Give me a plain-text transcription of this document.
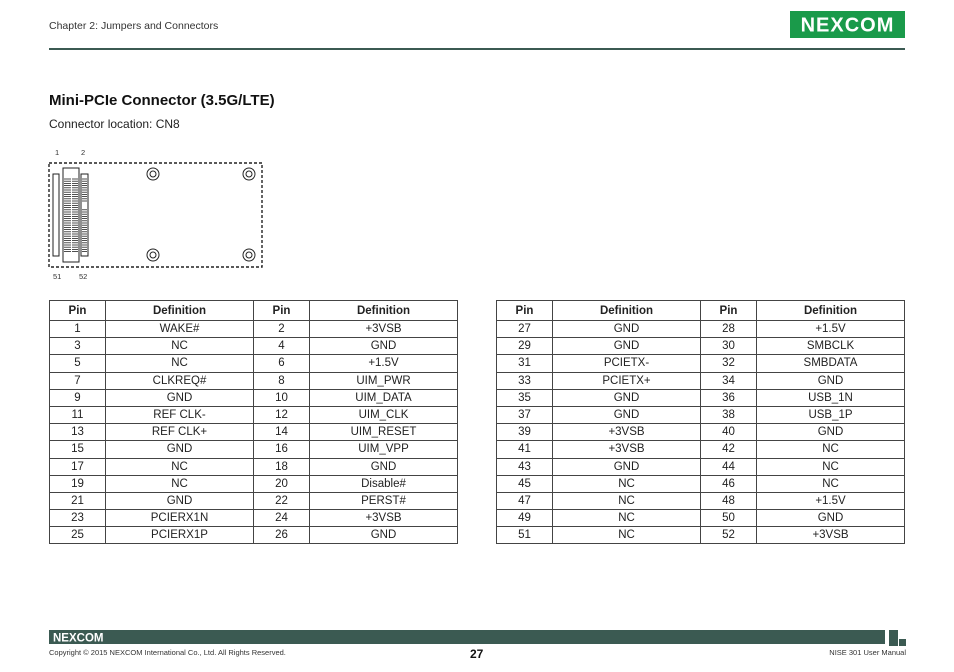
Chapter 2: Jumpers and Connectors	NEXCOM
Mini-PCIe Connector (3.5G/LTE)
Connector location: CN8
1	2
51 52
Pin	Definition	Pin	Definition
1	WAKE#	2	+3VSB
3	NC	4	GND
5	NC	6	+1.5V
7	CLKREQ#	8	UIM_PWR
9	GND	10	UIM_DATA
11	REF CLK-	12	UIM_CLK
13	REF CLK+	14	UIM_RESET
15	GND	16	UIM_VPP
17	NC	18	GND
19	NC	20	Disable#
21	GND	22	PERST#
23	PCIERX1N	24	+3VSB
25	PCIERX1P	26	GND
Pin	Definition	Pin	Definition
27	GND	28	+1.5V
29	GND	30	SMBCLK
31	PCIETX-	32	SMBDATA
33	PCIETX+	34	GND
35	GND	36	USB_1N
37	GND	38	USB_1P
39	+3VSB	40	GND
41	+3VSB	42	NC
43	GND	44	NC
45	NC	46	NC
47	NC	48	+1.5V
49	NC	50	GND
51	NC	52	+3VSB
NEXCOM
Copyright © 2015 NEXCOM International Co., Ltd. All Rights Reserved.	27	NISE 301 User Manual
